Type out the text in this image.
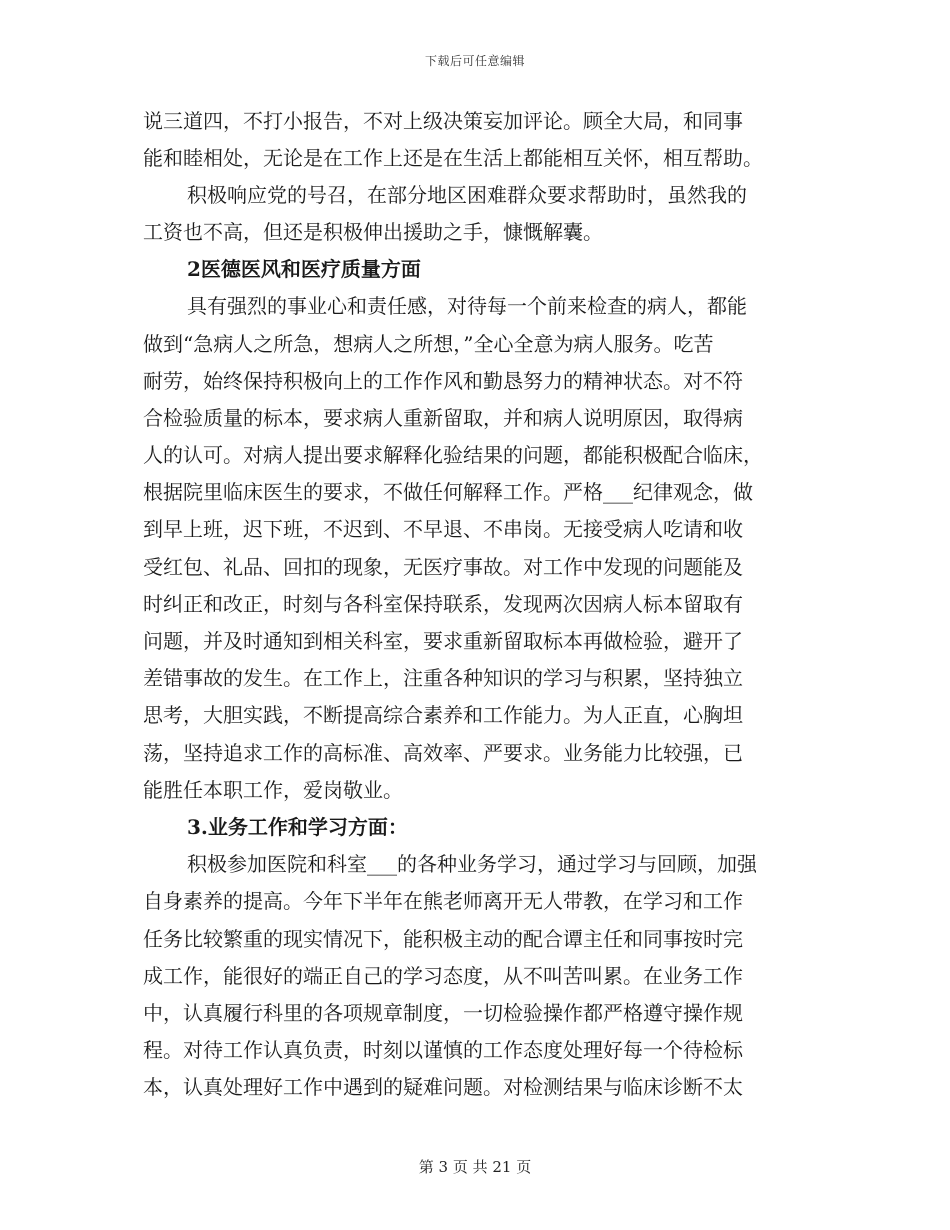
下载后可任意编辑
说三道四，不打小报告，不对上级决策妄加评论。顾全大局，和同事
能和睦相处，无论是在工作上还是在生活上都能相互关怀，相互帮助。
积极响应党的号召，在部分地区困难群众要求帮助时，虽然我的
工资也不高，但还是积极伸出援助之手，慷慨解囊。
2医德医风和医疗质量方面
具有强烈的事业心和责任感，对待每一个前来检查的病人，都能
做到“急病人之所急，想病人之所想，”全心全意为病人服务。吃苦
耐劳，始终保持积极向上的工作作风和勤恳努力的精神状态。对不符
合检验质量的标本，要求病人重新留取，并和病人说明原因，取得病
人的认可。对病人提出要求解释化验结果的问题，都能积极配合临床，
根据院里临床医生的要求，不做任何解释工作。严格___纪律观念，做
到早上班，迟下班，不迟到、不早退、不串岗。无接受病人吃请和收
受红包、礼品、回扣的现象，无医疗事故。对工作中发现的问题能及
时纠正和改正，时刻与各科室保持联系，发现两次因病人标本留取有
问题，并及时通知到相关科室，要求重新留取标本再做检验，避开了
差错事故的发生。在工作上，注重各种知识的学习与积累，坚持独立
思考，大胆实践，不断提高综合素养和工作能力。为人正直，心胸坦
荡，坚持追求工作的高标准、高效率、严要求。业务能力比较强，已
能胜任本职工作，爱岗敬业。
3.业务工作和学习方面：
积极参加医院和科室___的各种业务学习，通过学习与回顾，加强
自身素养的提高。今年下半年在熊老师离开无人带教，在学习和工作
任务比较繁重的现实情况下，能积极主动的配合谭主任和同事按时完
成工作，能很好的端正自己的学习态度，从不叫苦叫累。在业务工作
中，认真履行科里的各项规章制度，一切检验操作都严格遵守操作规
程。对待工作认真负责，时刻以谨慎的工作态度处理好每一个待检标
本，认真处理好工作中遇到的疑难问题。对检测结果与临床诊断不太
第 3 页 共 21 页
